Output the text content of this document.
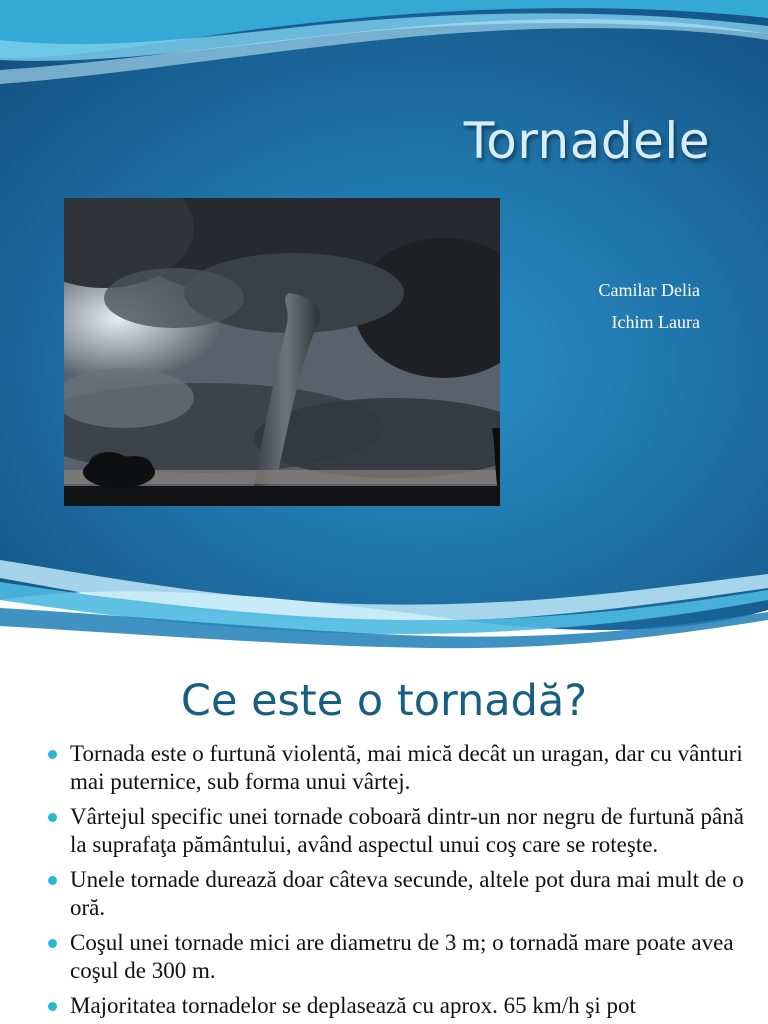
Tornadele
Camilar Delia
Ichim Laura
Ce este o tornadă?
Tornada este o furtună violentă, mai mică decât un uragan, dar cu vânturi mai puternice, sub forma unui vârtej.
Vârtejul specific unei tornade coboară dintr-un nor negru de furtună până la suprafaţa pământului, având aspectul unui coş care se roteşte.
Unele tornade durează doar câteva secunde, altele pot dura mai mult de o oră.
Coşul unei tornade mici are diametru de 3 m; o tornadă mare poate avea coşul de 300 m.
Majoritatea tornadelor se deplasează cu aprox. 65 km/h şi pot
